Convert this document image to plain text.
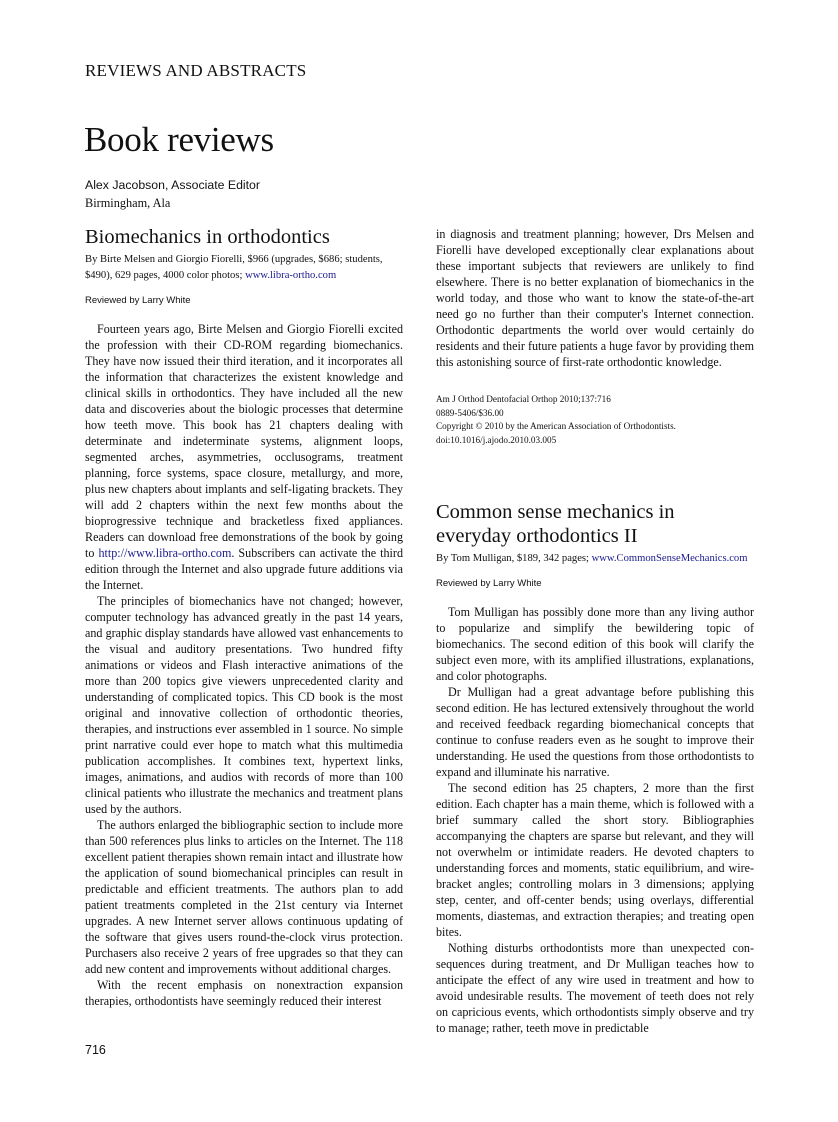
REVIEWS AND ABSTRACTS
Book reviews
Alex Jacobson, Associate Editor
Birmingham, Ala
Biomechanics in orthodontics
By Birte Melsen and Giorgio Fiorelli, $966 (upgrades, $686; students, $490), 629 pages, 4000 color photos; www.libra-ortho.com
Reviewed by Larry White

Fourteen years ago, Birte Melsen and Giorgio Fiorelli excited the profession with their CD-ROM regarding biomechanics. They have now issued their third iteration, and it incorporates all the information that characterizes the existent knowledge and clinical skills in orthodontics. They have included all the new data and discoveries about the biologic processes that determine how teeth move. This book has 21 chapters dealing with determinate and indeterminate systems, alignment loops, segmented arches, asymmetries, occlusograms, treatment planning, force systems, space closure, metallurgy, and more, plus new chapters about implants and self-ligating brackets. They will add 2 chapters within the next few months about the bioprogressive technique and bracketless fixed appliances. Readers can download free demonstrations of the book by going to http://www.libra-ortho.com. Subscribers can activate the third edition through the Internet and also upgrade future additions via the Internet.

The principles of biomechanics have not changed; however, computer technology has advanced greatly in the past 14 years, and graphic display standards have allowed vast enhancements to the visual and auditory presentations. Two hundred fifty animations or videos and Flash interactive animations of the more than 200 topics give viewers unprecedented clarity and understanding of complicated topics. This CD book is the most original and innovative collection of orthodontic theories, therapies, and instructions ever assembled in 1 source. No simple print narrative could ever hope to match what this multimedia publication accomplishes. It combines text, hypertext links, images, animations, and audios with records of more than 100 clinical patients who illustrate the mechanics and treatment plans used by the authors.

The authors enlarged the bibliographic section to include more than 500 references plus links to articles on the Internet. The 118 excellent patient therapies shown remain intact and illustrate how the application of sound biomechanical principles can result in predictable and efficient treatments. The authors plan to add patient treatments completed in the 21st century via Internet upgrades. A new Internet server allows continuous updating of the software that gives users round-the-clock virus protection. Purchasers also receive 2 years of free upgrades so that they can add new content and improvements without additional charges.

With the recent emphasis on nonextraction expansion therapies, orthodontists have seemingly reduced their interest

in diagnosis and treatment planning; however, Drs Melsen and Fiorelli have developed exceptionally clear explanations about these important subjects that reviewers are unlikely to find elsewhere. There is no better explanation of biomechanics in the world today, and those who want to know the state-of-the-art need go no further than their computer's Internet connection. Orthodontic departments the world over would certainly do residents and their future patients a huge favor by providing them this astonishing source of first-rate orthodontic knowledge.

Am J Orthod Dentofacial Orthop 2010;137:716
0889-5406/$36.00
Copyright © 2010 by the American Association of Orthodontists.
doi:10.1016/j.ajodo.2010.03.005
Common sense mechanics in everyday orthodontics II
By Tom Mulligan, $189, 342 pages; www.CommonSenseMechanics.com
Reviewed by Larry White

Tom Mulligan has possibly done more than any living author to popularize and simplify the bewildering topic of biomechanics. The second edition of this book will clarify the subject even more, with its amplified illustrations, explanations, and color photographs.

Dr Mulligan had a great advantage before publishing this second edition. He has lectured extensively throughout the world and received feedback regarding biomechanical concepts that continue to confuse readers even as he sought to improve their understanding. He used the questions from those orthodontists to expand and illuminate his narrative.

The second edition has 25 chapters, 2 more than the first edition. Each chapter has a main theme, which is followed with a brief summary called the short story. Bibliographies accompanying the chapters are sparse but relevant, and they will not overwhelm or intimidate readers. He devoted chapters to understanding forces and moments, static equilibrium, and wire-bracket angles; controlling molars in 3 dimensions; applying step, center, and off-center bends; using overlays, differential moments, diastemas, and extraction therapies; and treating open bites.

Nothing disturbs orthodontists more than unexpected consequences during treatment, and Dr Mulligan teaches how to anticipate the effect of any wire used in treatment and how to avoid undesirable results. The movement of teeth does not rely on capricious events, which orthodontists simply observe and try to manage; rather, teeth move in predictable

716
